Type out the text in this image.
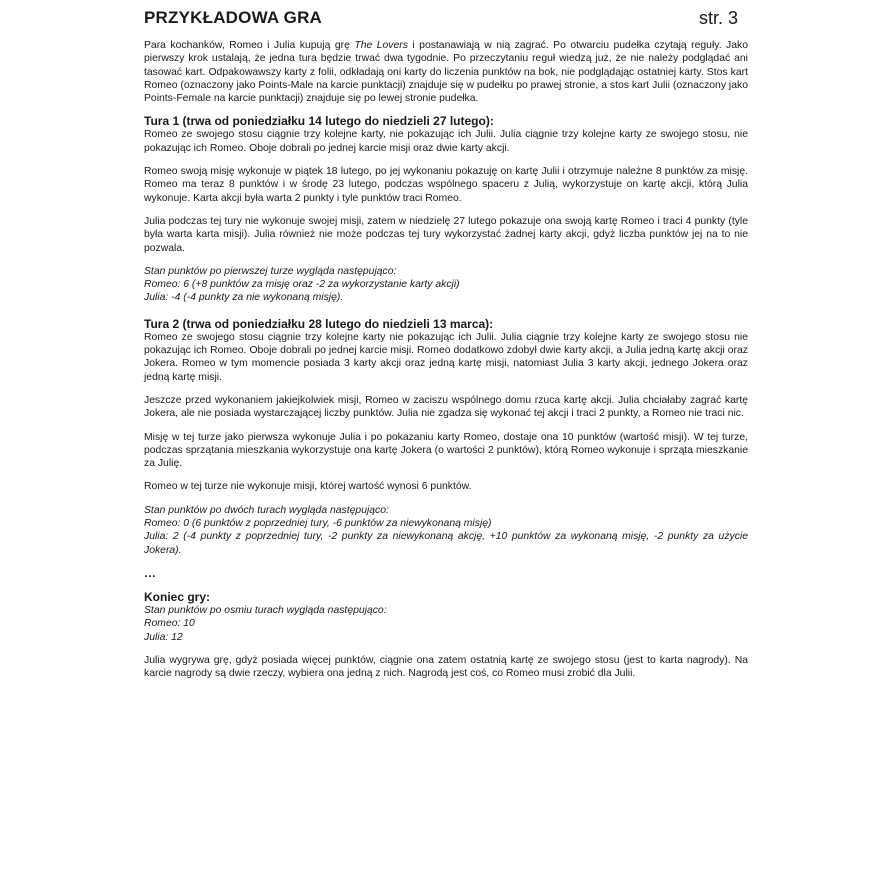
PRZYKŁADOWA GRA	str. 3

Para kochanków, Romeo i Julia kupują grę The Lovers i postanawiają w nią zagrać. Po otwarciu pudełka czytają reguły. Jako pierwszy krok ustalają, że jedna tura będzie trwać dwa tygodnie. Po przeczytaniu reguł wiedzą już, że nie należy podglądać ani tasować kart. Odpakowawszy karty z folii, odkładają oni karty do liczenia punktów na bok, nie podglądając ostatniej karty. Stos kart Romeo (oznaczony jako Points-Male na karcie punktacji) znajduje się w pudełku po prawej stronie, a stos kart Julii (oznaczony jako Points-Female na karcie punktacji) znajduje się po lewej stronie pudełka.

Tura 1 (trwa od poniedziałku 14 lutego do niedzieli 27 lutego):

Romeo ze swojego stosu ciągnie trzy kolejne karty, nie pokazując ich Julii. Julia ciągnie trzy kolejne karty ze swojego stosu, nie pokazując ich Romeo. Oboje dobrali po jednej karcie misji oraz dwie karty akcji.

Romeo swoją misję wykonuje w piątek 18 lutego, po jej wykonaniu pokazuję on kartę Julii i otrzymuje należne 8 punktów za misję. Romeo ma teraz 8 punktów i w środę 23 lutego, podczas wspólnego spaceru z Julią, wykorzystuje on kartę akcji, którą Julia wykonuje. Karta akcji była warta 2 punkty i tyle punktów traci Romeo.

Julia podczas tej tury nie wykonuje swojej misji, zatem w niedzielę 27 lutego pokazuje ona swoją kartę Romeo i traci 4 punkty (tyle była warta karta misji). Julia również nie może podczas tej tury wykorzystać żadnej karty akcji, gdyż liczba punktów jej na to nie pozwala.

Stan punktów po pierwszej turze wygląda następująco:

Romeo: 6 (+8 punktów za misję oraz -2 za wykorzystanie karty akcji)

Julia: -4 (-4 punkty za nie wykonaną misję).

Tura 2 (trwa od poniedziałku 28 lutego do niedzieli 13 marca):

Romeo ze swojego stosu ciągnie trzy kolejne karty nie pokazując ich Julii. Julia ciągnie trzy kolejne karty ze swojego stosu nie pokazując ich Romeo. Oboje dobrali po jednej karcie misji. Romeo dodatkowo zdobył dwie karty akcji, a Julia jedną kartę akcji oraz Jokera. Romeo w tym momencie posiada 3 karty akcji oraz jedną kartę misji, natomiast Julia 3 karty akcji, jednego Jokera oraz jedną kartę misji.

Jeszcze przed wykonaniem jakiejkolwiek misji, Romeo w zaciszu wspólnego domu rzuca kartę akcji. Julia chciałaby zagrać kartę Jokera, ale nie posiada wystarczającej liczby punktów. Julia nie zgadza się wykonać tej akcji i traci 2 punkty, a Romeo nie traci nic.

Misję w tej turze jako pierwsza wykonuje Julia i po pokazaniu karty Romeo, dostaje ona 10 punktów (wartość misji). W tej turze, podczas sprzątania mieszkania wykorzystuje ona kartę Jokera (o wartości 2 punktów), którą Romeo wykonuje i sprząta mieszkanie za Julię.

Romeo w tej turze nie wykonuje misji, której wartość wynosi 6 punktów.

Stan punktów po dwóch turach wygląda następująco:

Romeo: 0 (6 punktów z poprzedniej tury, -6 punktów za niewykonaną misję)

Julia: 2 (-4 punkty z poprzedniej tury, -2 punkty za niewykonaną akcję, +10 punktów za wykonaną misję, -2 punkty za użycie Jokera).

…
Koniec gry:

Stan punktów po osmiu turach wygląda następująco:

Romeo: 10

Julia: 12

Julia wygrywa grę, gdyż posiada więcej punktów, ciągnie ona zatem ostatnią kartę ze swojego stosu (jest to karta nagrody). Na karcie nagrody są dwie rzeczy, wybiera ona jedną z nich. Nagrodą jest coś, co Romeo musi zrobić dla Julii.
